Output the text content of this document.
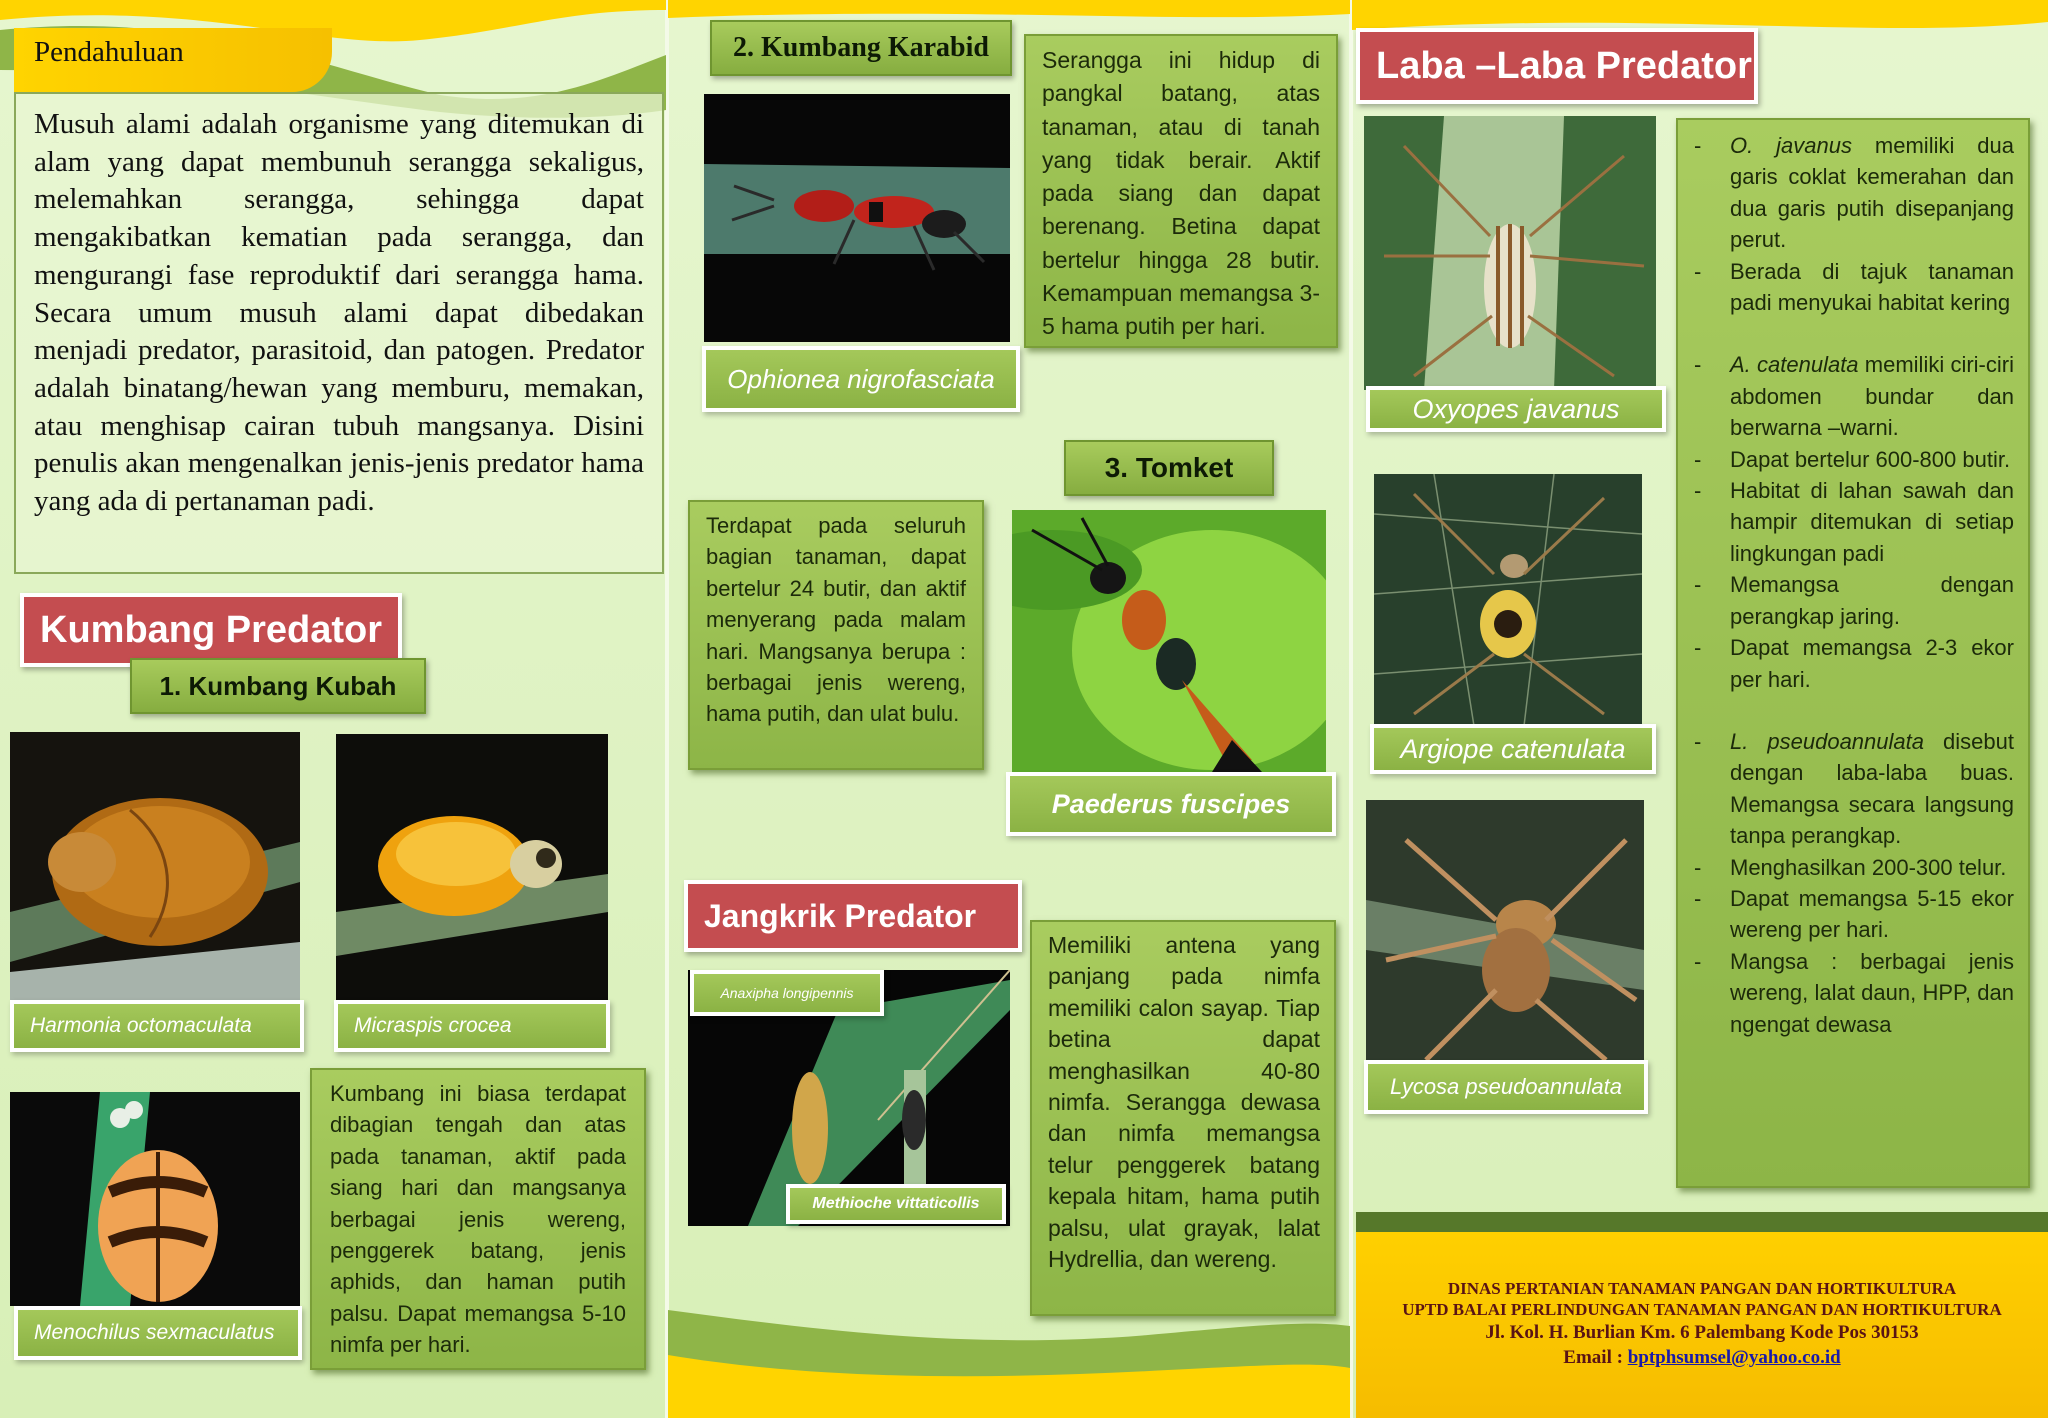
Pendahuluan
Musuh alami adalah organisme yang ditemukan di alam yang dapat membunuh serangga sekaligus, melemahkan serangga, sehingga dapat mengakibatkan kematian pada serangga, dan mengurangi fase reproduktif dari serangga hama. Secara umum musuh alami dapat dibedakan menjadi predator, parasitoid, dan patogen. Predator adalah binatang/hewan yang memburu, memakan, atau menghisap cairan tubuh mangsanya. Disini penulis akan mengenalkan jenis-jenis predator hama yang ada di pertanaman padi.
Kumbang Predator
1. Kumbang Kubah
Harmonia octomaculata	Micraspis crocea
Menochilus sexmaculatus

Kumbang ini biasa terdapat dibagian tengah dan atas pada tanaman, aktif pada siang hari dan mangsanya berbagai jenis wereng, penggerek batang, jenis aphids, dan haman putih palsu. Dapat memangsa 5-10 nimfa per hari.

2. Kumbang Karabid
Ophionea nigrofasciata

Serangga ini hidup di pangkal batang, atas tanaman, atau di tanah yang tidak berair. Aktif pada siang dan dapat berenang. Betina dapat bertelur hingga 28 butir. Kemampuan memangsa 3-5 hama putih per hari.

3. Tomket

Terdapat pada seluruh bagian tanaman, dapat bertelur 24 butir, dan aktif menyerang pada malam hari. Mangsanya berupa : berbagai jenis wereng, hama putih, dan ulat bulu.

Paederus fuscipes
Jangkrik Predator
Anaxipha longipennis
Methioche vittaticollis

Memiliki antena yang panjang pada nimfa memiliki calon sayap. Tiap betina dapat menghasilkan 40-80 nimfa. Serangga dewasa dan nimfa memangsa telur penggerek batang kepala hitam, hama putih palsu, ulat grayak, lalat Hydrellia, dan wereng.

Laba –Laba Predator
Oxyopes javanus
Argiope catenulata
Lycosa pseudoannulata
-	O. javanus memiliki dua garis coklat kemerahan dan dua garis putih disepanjang perut.
-	Berada di tajuk tanaman padi menyukai habitat kering
-	A. catenulata memiliki ciri-ciri abdomen bundar dan berwarna –warni.
-	Dapat bertelur 600-800 butir.
-	Habitat di lahan sawah dan hampir ditemukan di setiap lingkungan padi
-	Memangsa dengan perangkap jaring.
-	Dapat memangsa 2-3 ekor per hari.
-	L. pseudoannulata disebut dengan laba-laba buas. Memangsa secara langsung tanpa perangkap.
-	Menghasilkan 200-300 telur.
-	Dapat memangsa 5-15 ekor wereng per hari.
-	Mangsa : berbagai jenis wereng, lalat daun, HPP, dan ngengat dewasa
DINAS PERTANIAN TANAMAN PANGAN DAN HORTIKULTURA
UPTD BALAI PERLINDUNGAN TANAMAN PANGAN DAN HORTIKULTURA
Jl. Kol. H. Burlian Km. 6 Palembang Kode Pos 30153
Email : bptphsumsel@yahoo.co.id
